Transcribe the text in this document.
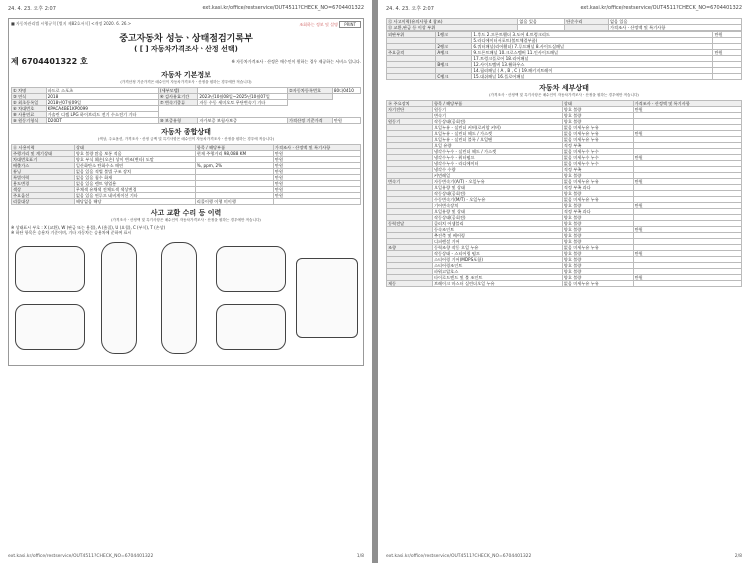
24. 4. 23. 오후 2:07	ext.kasi.kr/office/restservice/OUT4511?CHECK_NO=6704401322
■ 자동차관리법 시행규칙 [별지 제82호서식] <개정 2020. 6. 26.>	조회하는 정보 및 설명 PRINT
중고자동차 성능ㆍ상태점검기록부
( [ ] 자동차가격조사ㆍ산정 선택)
제 6704401322 호	※ 자동차가격조사ㆍ산정은 매수인이 원하는 경우 제공하는 서비스 입니다.
자동차 기본정보
(가격산정 기준가격은 매수인이 자동차가격조사ㆍ산정을 원하는 경우에만 적습니다)
① 차명	파드로 스포츠	(세부모델)		②자동차등록번호	80다0410
③ 연식	2018	④ 검사유효기간	2023년10월08일~2025년10월07일		
⑤ 최초등록일	2018년07월09일	⑦ 변속기종류	자동 수동 세미오토 무단변속기 기타		
⑥ 차대번호	KPACA4BE1KP0099				
⑧ 사용연료	가솔린 디젤 LPG 하이브리드 전기 수소전기 기타				
⑨ 원동기형식	D20DT	⑩ 보증유형	자가보증 보험사보증	가격산정 기준가격	만원
자동차 종합상태
(색상, 주요옵션, 가격조사ㆍ산정 금액 및 특기사항은 매수인이 자동차가격조사ㆍ산정을 원하는 경우에 적습니다)
⑪ 사용이력	상태	항목 / 해당부품	가격조사ㆍ산정액 및 특기사항
주행거리 및 계기상태	양호 불량 많음 보통 적음	현재 주행거리 98,088 KM	만원
차대번호표기	양호 부식 훼손(오손) 상이 변조(변타) 도말		만원
배출가스	일산화탄소 탄화수소 매연	%, ppm, 2%	만원
튜닝	없음 있음 적법 불법 구조 장치		만원
특별이력	없음 있음 침수 화재		만원
용도변경	없음 있음 렌트 영업용		만원
색상	무채색 유채색 전체도색 색상변경		만원
주요옵션	없음 있음 썬루프 네비게이션 기타		만원
리콜대상	해당없음 해당	리콜이행 이행 미이행	
사고 교환 수리 등 이력
(가격조사ㆍ산정액 및 특기사항은 매수인이 자동차가격조사ㆍ산정을 원하는 경우에만 적습니다)
※ 상태표시 부호 : X (교환), W (판금 또는 용접), A (흠집), U (요철), C (부식), T (손상)
※ 하단 항목은 승용차 기준이며, 기타 자동차는 승용차에 준하여 표시
ext.kasi.kr/office/restservice/OUT4511?CHECK_NO=6704401322	1/8
24. 4. 23. 오후 2:07	ext.kasi.kr/office/restservice/OUT4511?CHECK_NO=6704401322
⑫ 사고이력(유의사항 4 참조)	없음 있음	단순수리	없음 있음
⑬ 교환,판금 등 이상 부위			가격조사ㆍ산정액 및 특기사항
외판부위	1랭크	1.후드 2.프론트휀더 3.도어 4.트렁크리드	만원
		5.라디에이터서포트(볼트체결부품)	
	2랭크	6.쿼터패널(리어휀더) 7.루프패널 8.사이드실패널	
주요골격	A랭크	9.프론트패널 10.크로스멤버 11.인사이드패널	만원
		17.트렁크플로어 18.리어패널	
	B랭크	12.사이드멤버 13.휠하우스	
		14.필러패널 ( A , B , C ) 19.패키지트레이	
	C랭크	15.대쉬패널 16.플로어패널	
자동차 세부상태
(가격조사ㆍ산정액 및 특기사항은 매수인이 자동차가격조사ㆍ산정을 원하는 경우에만 적습니다)
⑭ 주요장치	항목 / 해당부품	상태	가격조사ㆍ산정액 및 특기사항
자기진단	원동기	양호 불량	만원
	변속기	양호 불량	
원동기	작동상태(공회전)	양호 불량	
	오일누유 - 실린더 커버(로커암 커버)	없음 미세누유 누유	
	오일누유 - 실린더 헤드 / 가스켓	없음 미세누유 누유	만원
	오일누유 - 실린더 블록 / 오일팬	없음 미세누유 누유	
	오일 유량	적정 부족	
	냉각수누수 - 실린더 헤드 / 가스켓	없음 미세누수 누수	
	냉각수누수 - 워터펌프	없음 미세누수 누수	만원
	냉각수누수 - 라디에이터	없음 미세누수 누수	
	냉각수 수량	적정 부족	
	커먼레일	양호 불량	
변속기	자동변속기(A/T) - 오일누유	없음 미세누유 누유	만원
	오일유량 및 상태	적정 부족 과다	
	작동상태(공회전)	양호 불량	
	수동변속기(M/T) - 오일누유	없음 미세누유 누유	
	기어변속장치	양호 불량	만원
	오일유량 및 상태	적정 부족 과다	
	작동상태(공회전)	양호 불량	
동력전달	클러치 어셈블리	양호 불량	
	등속조인트	양호 불량	만원
	추진축 및 베어링	양호 불량	
	디퍼렌셜 기어	양호 불량	
조향	동력조향 작동 오일 누유	없음 미세누유 누유	
	작동상태 - 스티어링 펌프	양호 불량	만원
	스티어링 기어(MDPS포함)	양호 불량	
	스티어링조인트	양호 불량	
	파워고압호스	양호 불량	
	타이로드엔드 및 볼 조인트	양호 불량	만원
제동	브레이크 마스터 실린더오일 누유	없음 미세누유 누유	
ext.kasi.kr/office/restservice/OUT4511?CHECK_NO=6704401322	2/8
